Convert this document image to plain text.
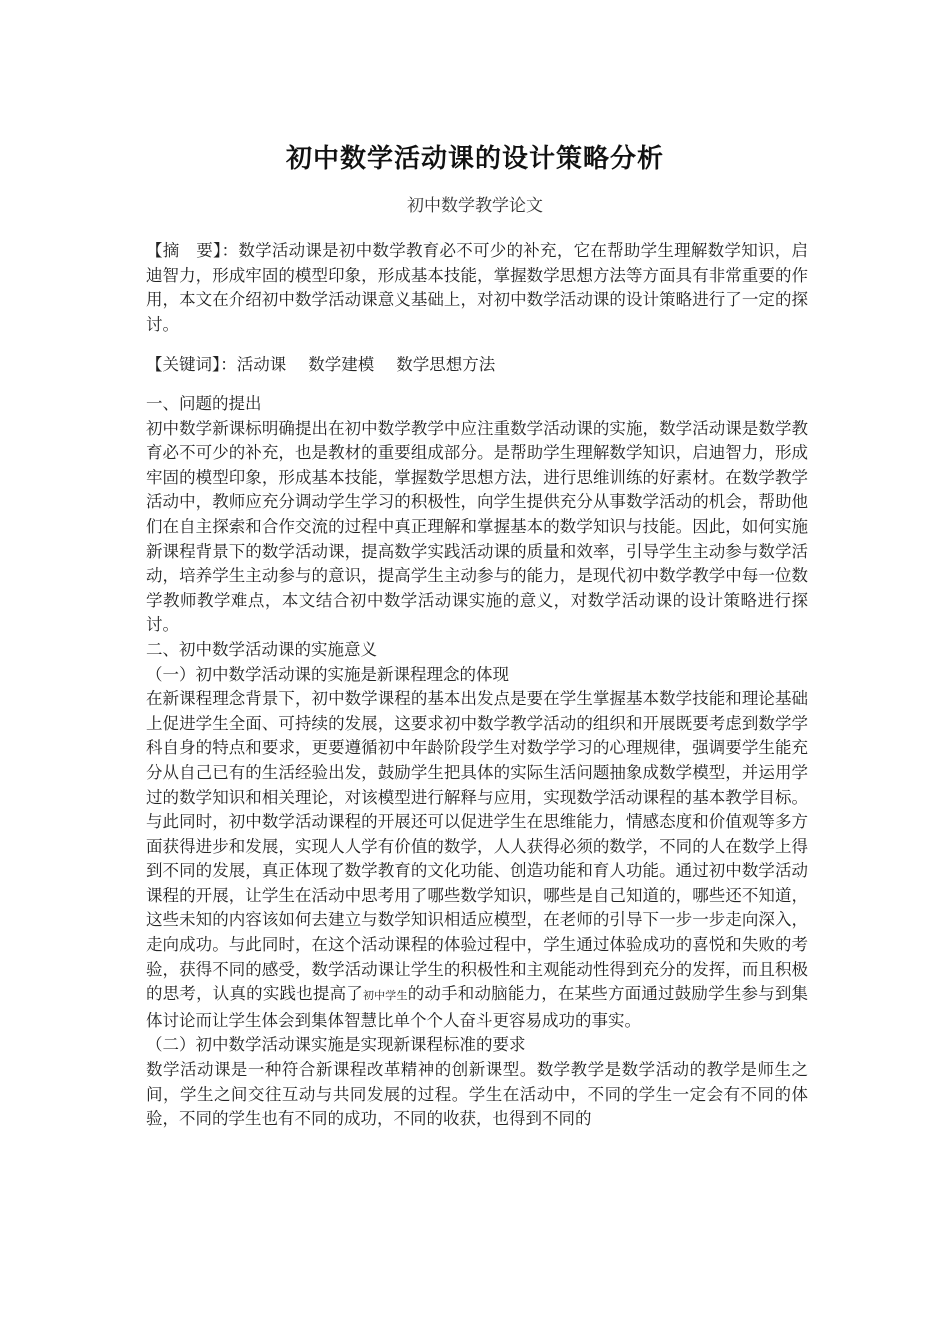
初中数学活动课的设计策略分析
初中数学教学论文
【摘　要】：数学活动课是初中数学教育必不可少的补充，它在帮助学生理解数学知识，启迪智力，形成牢固的模型印象，形成基本技能，掌握数学思想方法等方面具有非常重要的作用，本文在介绍初中数学活动课意义基础上，对初中数学活动课的设计策略进行了一定的探讨。
【关键词】：活动课 数学建模 数学思想方法

一、问题的提出

初中数学新课标明确提出在初中数学教学中应注重数学活动课的实施，数学活动课是数学教育必不可少的补充，也是教材的重要组成部分。是帮助学生理解数学知识，启迪智力，形成牢固的模型印象，形成基本技能，掌握数学思想方法，进行思维训练的好素材。在数学教学活动中，教师应充分调动学生学习的积极性，向学生提供充分从事数学活动的机会，帮助他们在自主探索和合作交流的过程中真正理解和掌握基本的数学知识与技能。因此，如何实施新课程背景下的数学活动课，提高数学实践活动课的质量和效率，引导学生主动参与数学活动，培养学生主动参与的意识，提高学生主动参与的能力，是现代初中数学教学中每一位数学教师教学难点，本文结合初中数学活动课实施的意义，对数学活动课的设计策略进行探讨。

二、初中数学活动课的实施意义

（一）初中数学活动课的实施是新课程理念的体现

在新课程理念背景下，初中数学课程的基本出发点是要在学生掌握基本数学技能和理论基础上促进学生全面、可持续的发展，这要求初中数学教学活动的组织和开展既要考虑到数学学科自身的特点和要求，更要遵循初中年龄阶段学生对数学学习的心理规律，强调要学生能充分从自己已有的生活经验出发，鼓励学生把具体的实际生活问题抽象成数学模型，并运用学过的数学知识和相关理论，对该模型进行解释与应用，实现数学活动课程的基本教学目标。与此同时，初中数学活动课程的开展还可以促进学生在思维能力，情感态度和价值观等多方面获得进步和发展，实现人人学有价值的数学，人人获得必须的数学，不同的人在数学上得到不同的发展，真正体现了数学教育的文化功能、创造功能和育人功能。通过初中数学活动课程的开展，让学生在活动中思考用了哪些数学知识，哪些是自己知道的，哪些还不知道，这些未知的内容该如何去建立与数学知识相适应模型，在老师的引导下一步一步走向深入，走向成功。与此同时，在这个活动课程的体验过程中，学生通过体验成功的喜悦和失败的考验，获得不同的感受，数学活动课让学生的积极性和主观能动性得到充分的发挥，而且积极的思考，认真的实践也提高了初中学生的动手和动脑能力，在某些方面通过鼓励学生参与到集体讨论而让学生体会到集体智慧比单个个人奋斗更容易成功的事实。

（二）初中数学活动课实施是实现新课程标准的要求

数学活动课是一种符合新课程改革精神的创新课型。数学教学是数学活动的教学是师生之间，学生之间交往互动与共同发展的过程。学生在活动中，不同的学生一定会有不同的体验，不同的学生也有不同的成功，不同的收获，也得到不同的
